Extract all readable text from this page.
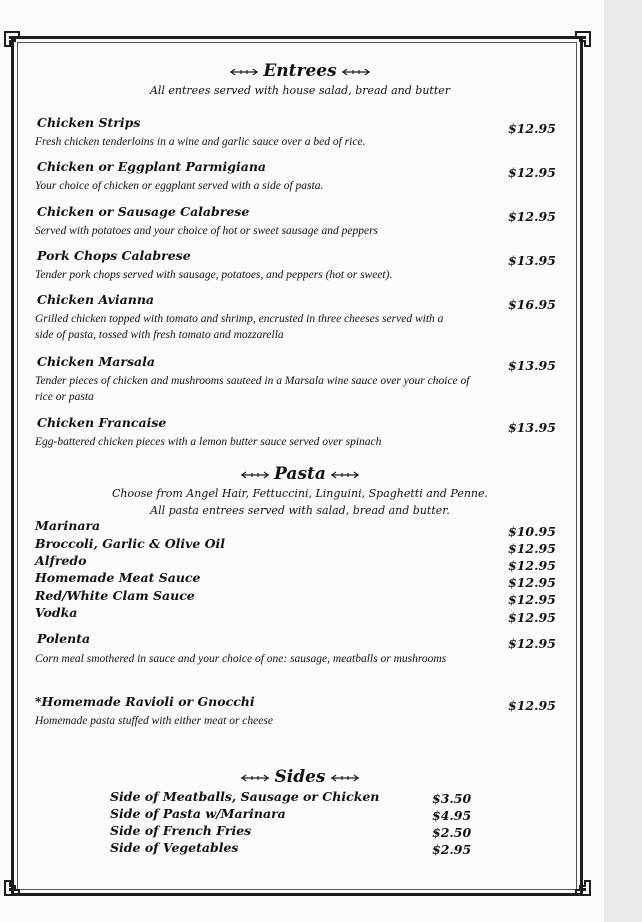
Entrees
All entrees served with house salad, bread and butter
Chicken Strips
Fresh chicken tenderloins in a wine and garlic sauce over a bed of rice.
$12.95
Chicken or Eggplant Parmigiana
Your choice of chicken or eggplant served with a side of pasta.
$12.95
Chicken or Sausage Calabrese
Served with potatoes and your choice of hot or sweet sausage and peppers
$12.95
Pork Chops Calabrese
Tender pork chops served with sausage, potatoes, and peppers (hot or sweet).
$13.95
Chicken Avianna
Grilled chicken topped with tomato and shrimp, encrusted in three cheeses served with a side of pasta, tossed with fresh tomato and mozzarella
$16.95
Chicken Marsala
Tender pieces of chicken and mushrooms sauteed in a Marsala wine sauce over your choice of rice or pasta
$13.95
Chicken Francaise
Egg-battered chicken pieces with a lemon butter sauce served over spinach
$13.95
Pasta
Choose from Angel Hair, Fettuccini, Linguini, Spaghetti and Penne.
All pasta entrees served with salad, bread and butter.
Marinara	$10.95
Broccoli, Garlic & Olive Oil	$12.95
Alfredo	$12.95
Homemade Meat Sauce	$12.95
Red/White Clam Sauce	$12.95
Vodka	$12.95
Polenta
Corn meal smothered in sauce and your choice of one: sausage, meatballs or mushrooms
$12.95
*Homemade Ravioli or Gnocchi
Homemade pasta stuffed with either meat or cheese
$12.95
Sides
Side of Meatballs, Sausage or Chicken	$3.50
Side of Pasta w/Marinara	$4.95
Side of French Fries	$2.50
Side of Vegetables	$2.95
